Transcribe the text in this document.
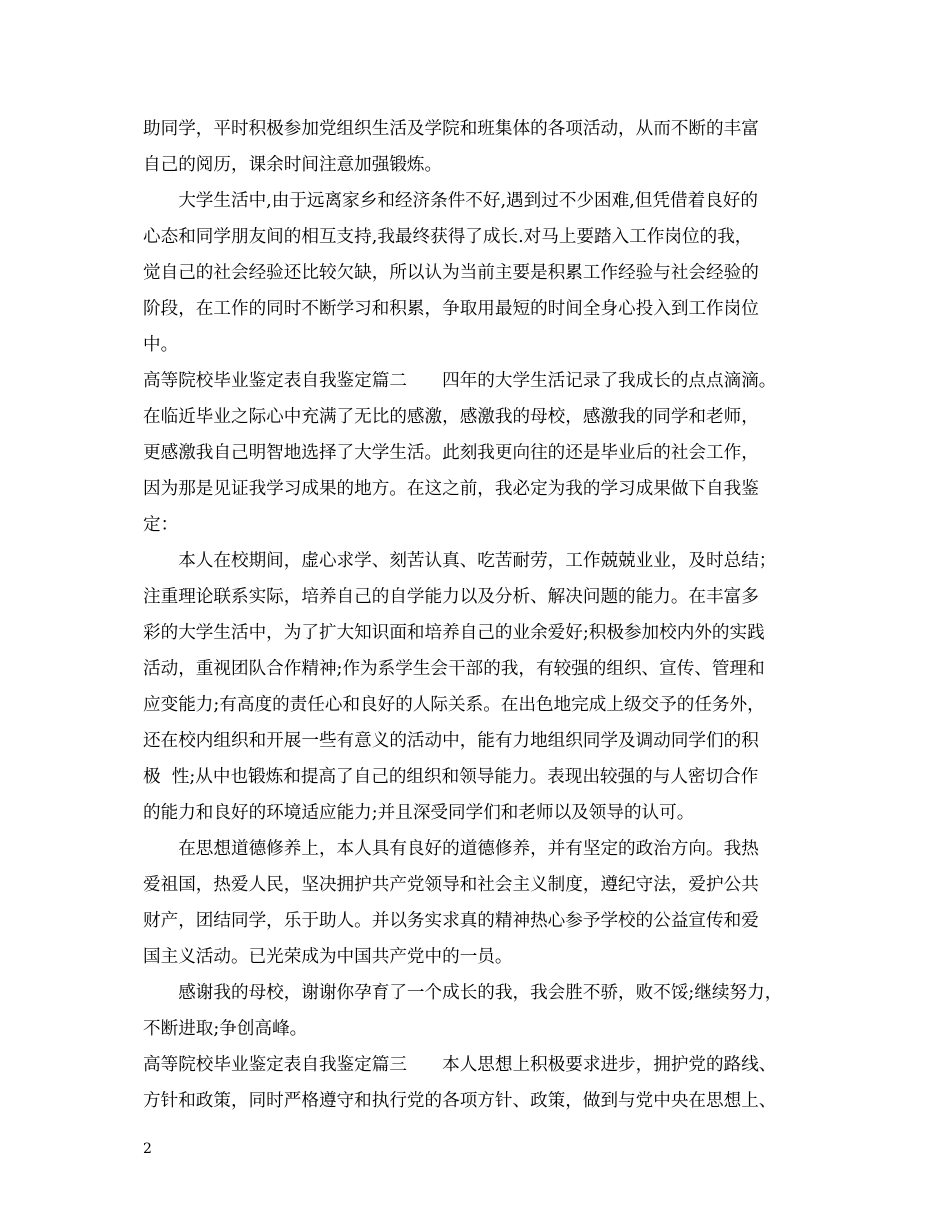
助同学，平时积极参加党组织生活及学院和班集体的各项活动，从而不断的丰富
自己的阅历，课余时间注意加强锻炼。
　　大学生活中,由于远离家乡和经济条件不好,遇到过不少困难,但凭借着良好的
心态和同学朋友间的相互支持,我最终获得了成长.对马上要踏入工作岗位的我，
觉自己的社会经验还比较欠缺，所以认为当前主要是积累工作经验与社会经验的
阶段，在工作的同时不断学习和积累，争取用最短的时间全身心投入到工作岗位
中。
高等院校毕业鉴定表自我鉴定篇二　　四年的大学生活记录了我成长的点点滴滴。
在临近毕业之际心中充满了无比的感激，感激我的母校，感激我的同学和老师，
更感激我自己明智地选择了大学生活。此刻我更向往的还是毕业后的社会工作，
因为那是见证我学习成果的地方。在这之前，我必定为我的学习成果做下自我鉴
定：
　　本人在校期间，虚心求学、刻苦认真、吃苦耐劳，工作兢兢业业，及时总结；
注重理论联系实际，培养自己的自学能力以及分析、解决问题的能力。在丰富多
彩的大学生活中，为了扩大知识面和培养自己的业余爱好;积极参加校内外的实践
活动，重视团队合作精神;作为系学生会干部的我，有较强的组织、宣传、管理和
应变能力;有高度的责任心和良好的人际关系。在出色地完成上级交予的任务外，
还在校内组织和开展一些有意义的活动中，能有力地组织同学及调动同学们的积
极  性;从中也锻炼和提高了自己的组织和领导能力。表现出较强的与人密切合作
的能力和良好的环境适应能力;并且深受同学们和老师以及领导的认可。
　　在思想道德修养上，本人具有良好的道德修养，并有坚定的政治方向。我热
爱祖国，热爱人民，坚决拥护共产党领导和社会主义制度，遵纪守法，爱护公共
财产，团结同学，乐于助人。并以务实求真的精神热心参予学校的公益宣传和爱
国主义活动。已光荣成为中国共产党中的一员。
　　感谢我的母校，谢谢你孕育了一个成长的我，我会胜不骄，败不馁;继续努力，
不断进取;争创高峰。
高等院校毕业鉴定表自我鉴定篇三　　本人思想上积极要求进步，拥护党的路线、
方针和政策，同时严格遵守和执行党的各项方针、政策，做到与党中央在思想上、
2
